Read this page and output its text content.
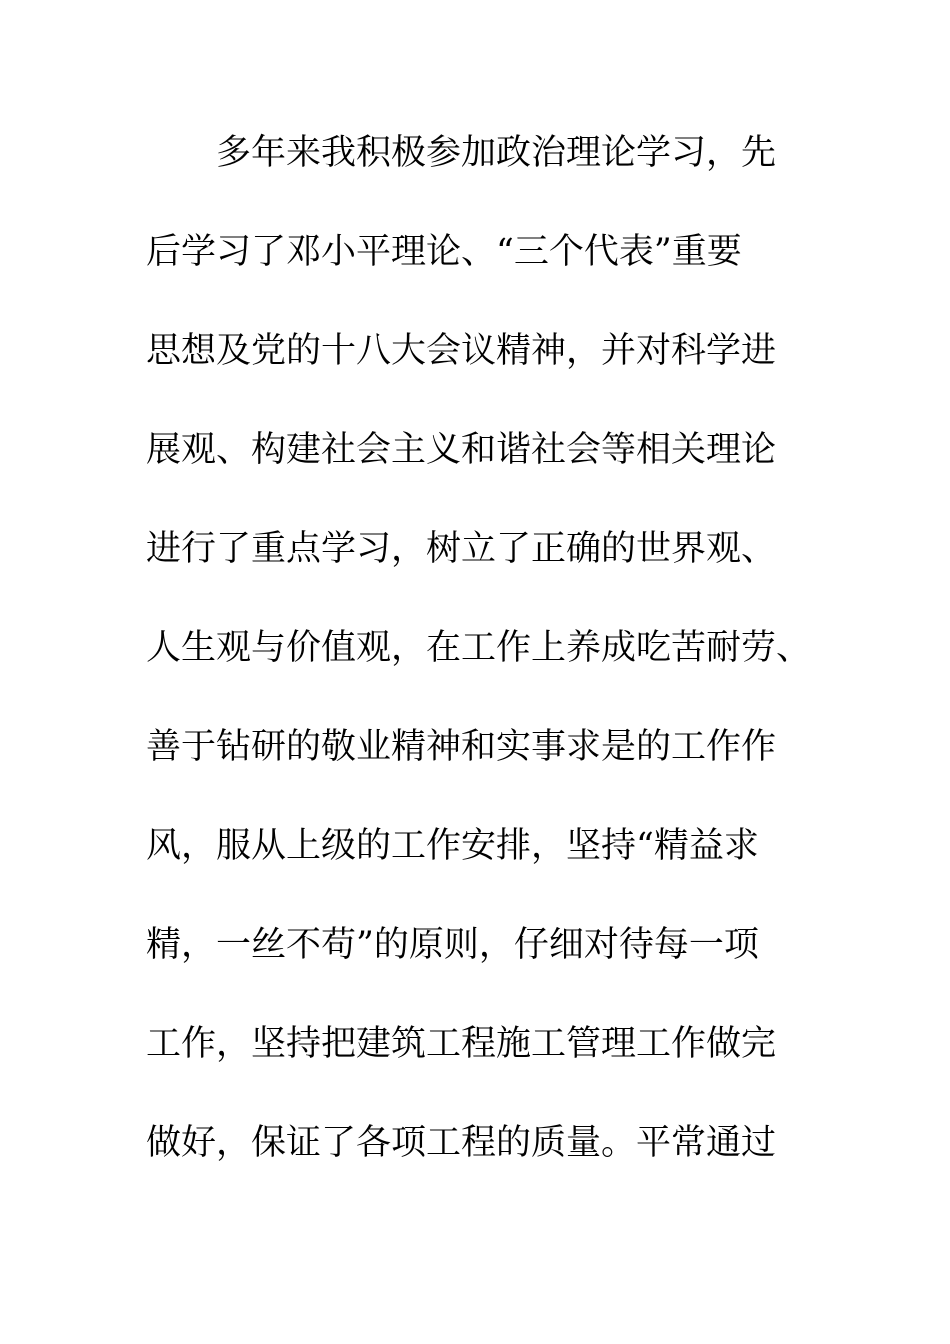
多年来我积极参加政治理论学习，先
后学习了邓小平理论、“三个代表”重要
思想及党的十八大会议精神，并对科学进
展观、构建社会主义和谐社会等相关理论
进行了重点学习，树立了正确的世界观、
人生观与价值观，在工作上养成吃苦耐劳、
善于钻研的敬业精神和实事求是的工作作
风，服从上级的工作安排，坚持“精益求
精，一丝不苟”的原则，仔细对待每一项
工作，坚持把建筑工程施工管理工作做完
做好，保证了各项工程的质量。平常通过
